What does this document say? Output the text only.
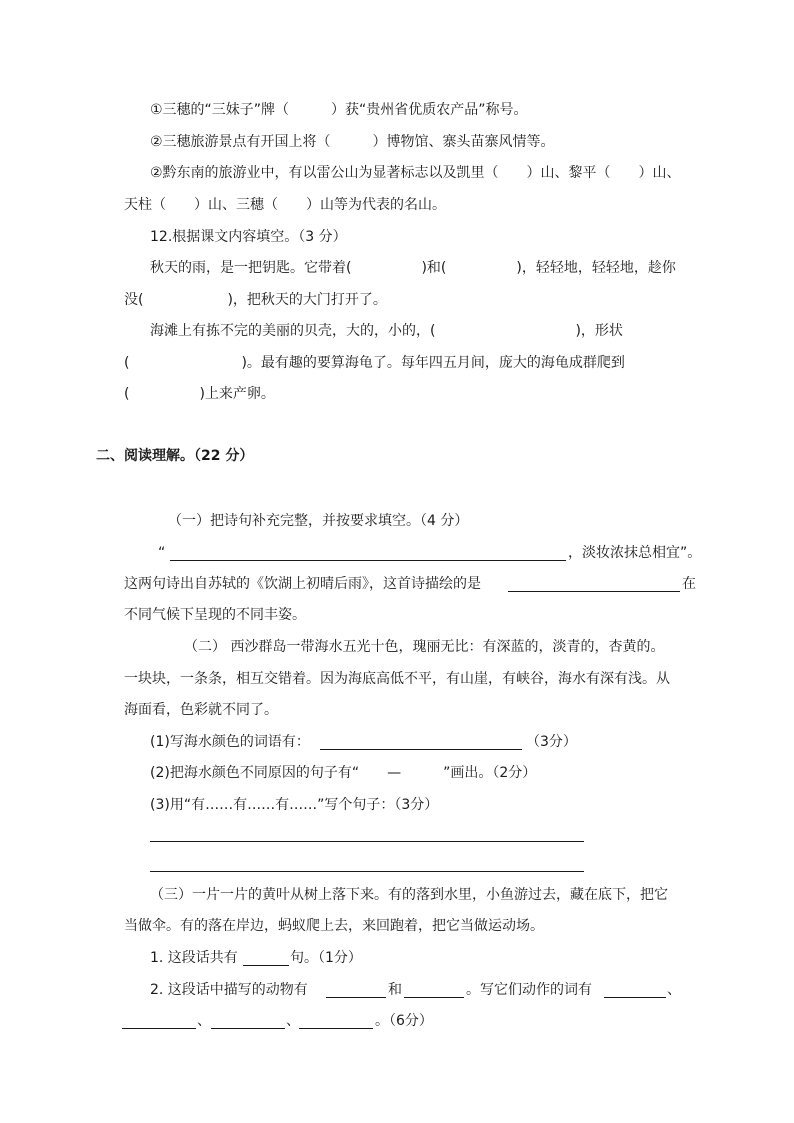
①三穗的“三妹子”牌（　　　）获“贵州省优质农产品”称号。
②三穗旅游景点有开国上将（　　　）博物馆、寨头苗寨风情等。
②黔东南的旅游业中，有以雷公山为显著标志以及凯里（　　）山、黎平（　　）山、
天柱（　　）山、三穗（　　）山等为代表的名山。
12.根据课文内容填空。（3 分）
秋天的雨，是一把钥匙。它带着(　　　　　)和(　　　　　)，轻轻地，轻轻地，趁你
没(　　　　　　)，把秋天的大门打开了。
海滩上有拣不完的美丽的贝壳，大的，小的，(　　　　　　　　　　)，形状
(　　　　　　　　)。最有趣的要算海龟了。每年四五月间，庞大的海龟成群爬到
(　　　　　)上来产卵。
二、阅读理解。（22 分）
（一）把诗句补充完整，并按要求填空。（4 分）
“	，淡妆浓抹总相宜”。
这两句诗出自苏轼的《饮湖上初晴后雨》，这首诗描绘的是	在
不同气候下呈现的不同丰姿。
（二） 西沙群岛一带海水五光十色，瑰丽无比：有深蓝的，淡青的，杏黄的。
一块块，一条条，相互交错着。因为海底高低不平，有山崖，有峡谷，海水有深有浅。从
海面看，色彩就不同了。
(1)写海水颜色的词语有：	（3分）
(2)把海水颜色不同原因的句子有“　　—　　　”画出。（2分）
(3)用“有……有……有……”写个句子：（3分）
（三）一片一片的黄叶从树上落下来。有的落到水里，小鱼游过去，藏在底下，把它
当做伞。有的落在岸边，蚂蚁爬上去，来回跑着，把它当做运动场。
1. 这段话共有	句。（1分）
2. 这段话中描写的动物有	和	。写它们动作的词有	、
、	、	。（6分）
